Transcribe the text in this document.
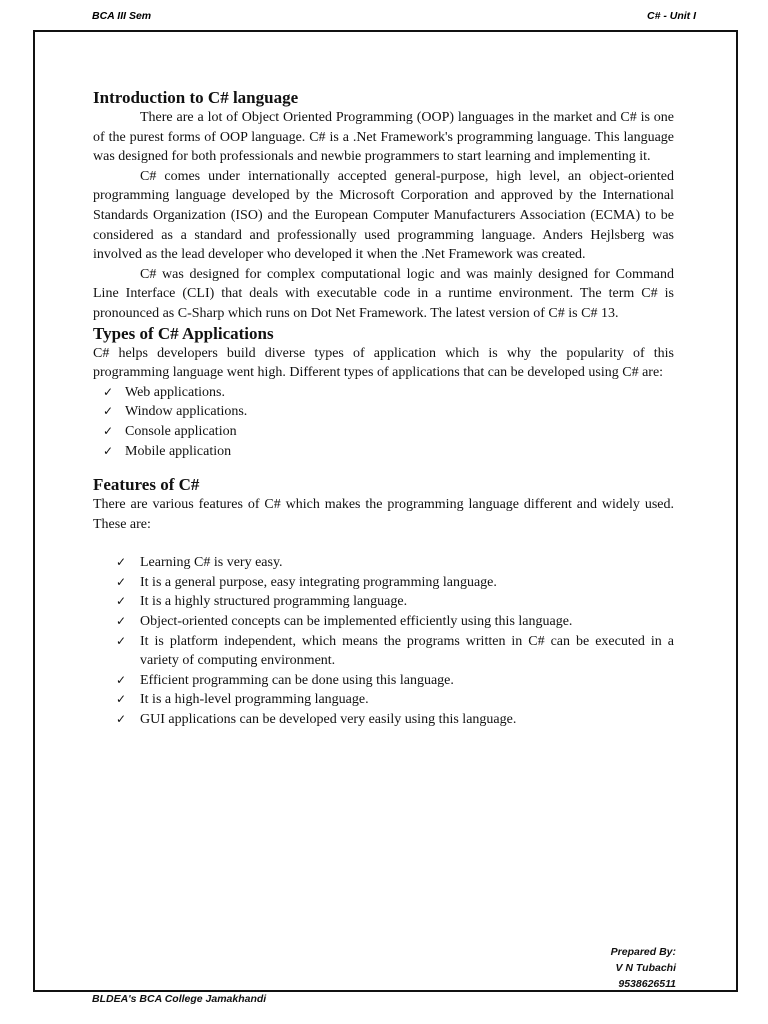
BCA III Sem	C# - Unit I
Introduction to C# language

There are a lot of Object Oriented Programming (OOP) languages in the market and C# is one of the purest forms of OOP language. C# is a .Net Framework's programming language. This language was designed for both professionals and newbie programmers to start learning and implementing it.

C# comes under internationally accepted general-purpose, high level, an object-oriented programming language developed by the Microsoft Corporation and approved by the International Standards Organization (ISO) and the European Computer Manufacturers Association (ECMA) to be considered as a standard and professionally used programming language. Anders Hejlsberg was involved as the lead developer who developed it when the .Net Framework was created.

C# was designed for complex computational logic and was mainly designed for Command Line Interface (CLI) that deals with executable code in a runtime environment. The term C# is pronounced as C-Sharp which runs on Dot Net Framework. The latest version of C# is C# 13.

Types of C# Applications

C# helps developers build diverse types of application which is why the popularity of this programming language went high. Different types of applications that can be developed using C# are:

✓ Web applications.
✓ Window applications.
✓ Console application
✓ Mobile application
Features of C#

There are various features of C# which makes the programming language different and widely used. These are:

✓ Learning C# is very easy.
✓ It is a general purpose, easy integrating programming language.
✓ It is a highly structured programming language.
✓ Object-oriented concepts can be implemented efficiently using this language.
✓ It is platform independent, which means the programs written in C# can be executed in a variety of computing environment.
✓ Efficient programming can be done using this language.
✓ It is a high-level programming language.
✓ GUI applications can be developed very easily using this language.
Prepared By:
V N Tubachi
9538626511
BLDEA's BCA College Jamakhandi
